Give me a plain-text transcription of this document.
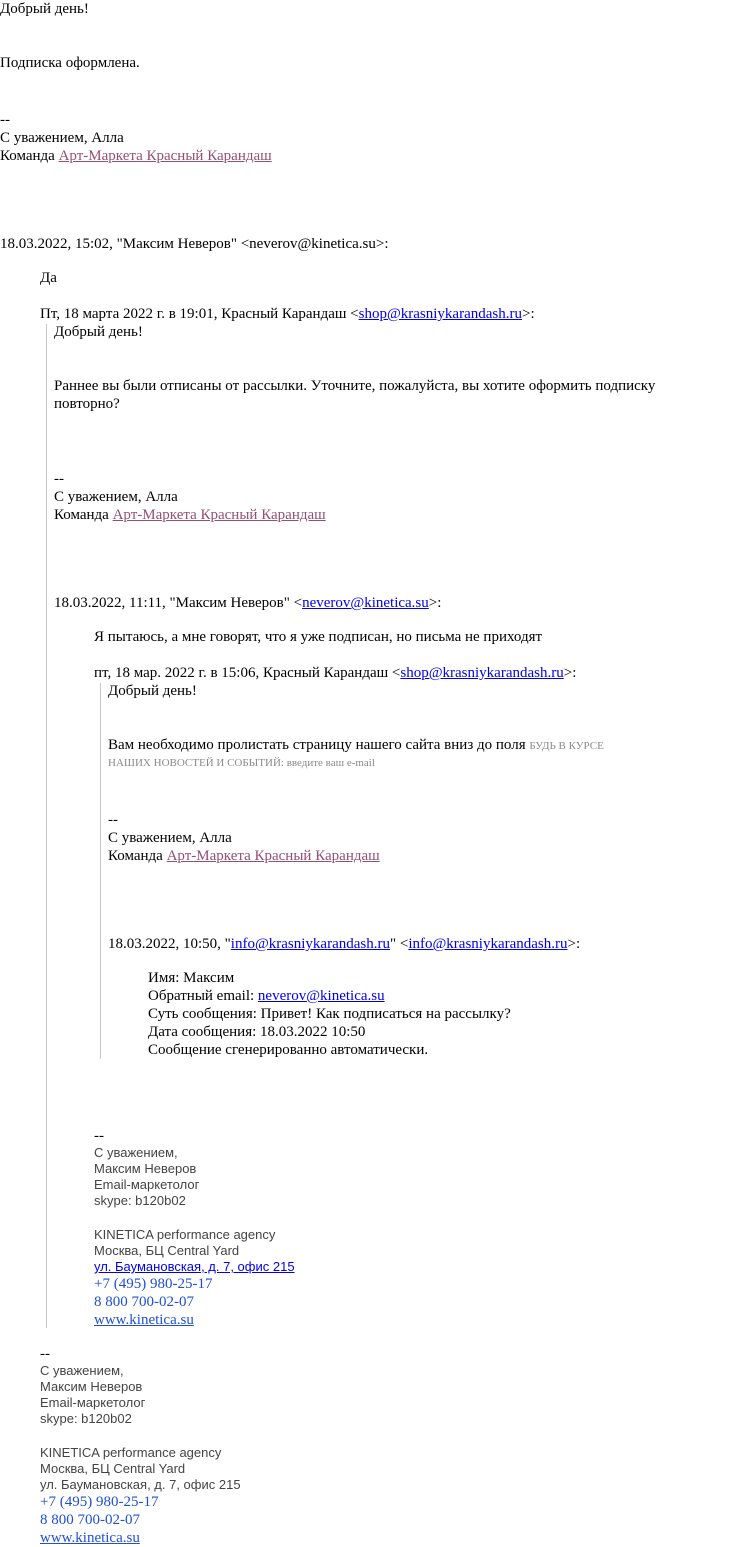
Добрый день!
Подписка оформлена.
--
С уважением, Алла
Команда Арт-Маркета Красный Карандаш
18.03.2022, 15:02, "Максим Неверов" <neverov@kinetica.su>:
Да
Пт, 18 марта 2022 г. в 19:01, Красный Карандаш <shop@krasniykarandash.ru>:
Добрый день!
Раннее вы были отписаны от рассылки. Уточните, пожалуйста, вы хотите оформить подписку
повторно?
--
С уважением, Алла
Команда Арт-Маркета Красный Карандаш
18.03.2022, 11:11, "Максим Неверов" <neverov@kinetica.su>:
Я пытаюсь, а мне говорят, что я уже подписан, но письма не приходят
пт, 18 мар. 2022 г. в 15:06, Красный Карандаш <shop@krasniykarandash.ru>:
Добрый день!
Вам необходимо пролистать страницу нашего сайта вниз до поля БУДЬ В КУРСЕ
НАШИХ НОВОСТЕЙ И СОБЫТИЙ: введите ваш e-mail
--
С уважением, Алла
Команда Арт-Маркета Красный Карандаш
18.03.2022, 10:50, "info@krasniykarandash.ru" <info@krasniykarandash.ru>:
Имя: Максим
Обратный email: neverov@kinetica.su
Суть сообщения: Привет! Как подписаться на рассылку?
Дата сообщения: 18.03.2022 10:50
Сообщение сгенерированно автоматически.
--
С уважением,
Максим Неверов
Email-маркетолог
skype: b120b02
KINETICA performance agency
Москва, БЦ Central Yard
ул. Баумановская, д. 7, офис 215
+7 (495) 980-25-17
8 800 700-02-07
www.kinetica.su
--
С уважением,
Максим Неверов
Email-маркетолог
skype: b120b02
KINETICA performance agency
Москва, БЦ Central Yard
ул. Баумановская, д. 7, офис 215
+7 (495) 980-25-17
8 800 700-02-07
www.kinetica.su
